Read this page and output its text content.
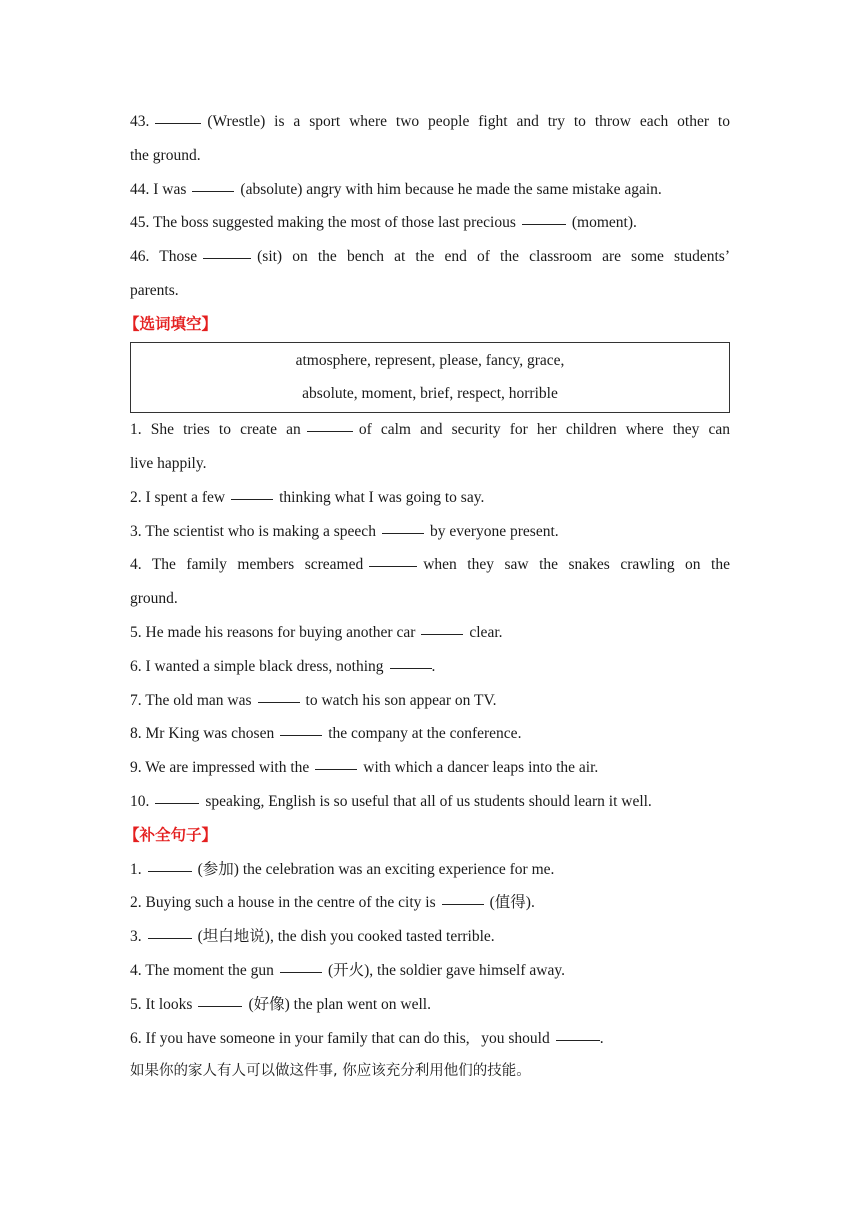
43.	(Wrestle) is a sport where two people fight and try to throw each other to
the ground.
44. I was	(absolute) angry with him because he made the same mistake again.
45. The boss suggested making the most of those last precious	(moment).
46. Those	(sit) on the bench at the end of the classroom are some students’
parents.
【选词填空】
atmosphere, represent, please, fancy, grace,
absolute, moment, brief, respect, horrible
1. She tries to create an	of calm and security for her children where they can
live happily.
2. I spent a few	thinking what I was going to say.
3. The scientist who is making a speech	by everyone present.
4. The family members screamed	when they saw the snakes crawling on the
ground.
5. He made his reasons for buying another car	clear.
6. I wanted a simple black dress, nothing	.
7. The old man was	to watch his son appear on TV.
8. Mr King was chosen	the company at the conference.
9. We are impressed with the	with which a dancer leaps into the air.
10.	speaking, English is so useful that all of us students should learn it well.
【补全句子】
1.	(参加) the celebration was an exciting experience for me.
2. Buying such a house in the centre of the city is	(值得).
3.	(坦白地说), the dish you cooked tasted terrible.
4. The moment the gun	(开火), the soldier gave himself away.
5. It looks	(好像) the plan went on well.
6. If you have someone in your family that can do this,   you should	.
如果你的家人有人可以做这件事, 你应该充分利用他们的技能。
